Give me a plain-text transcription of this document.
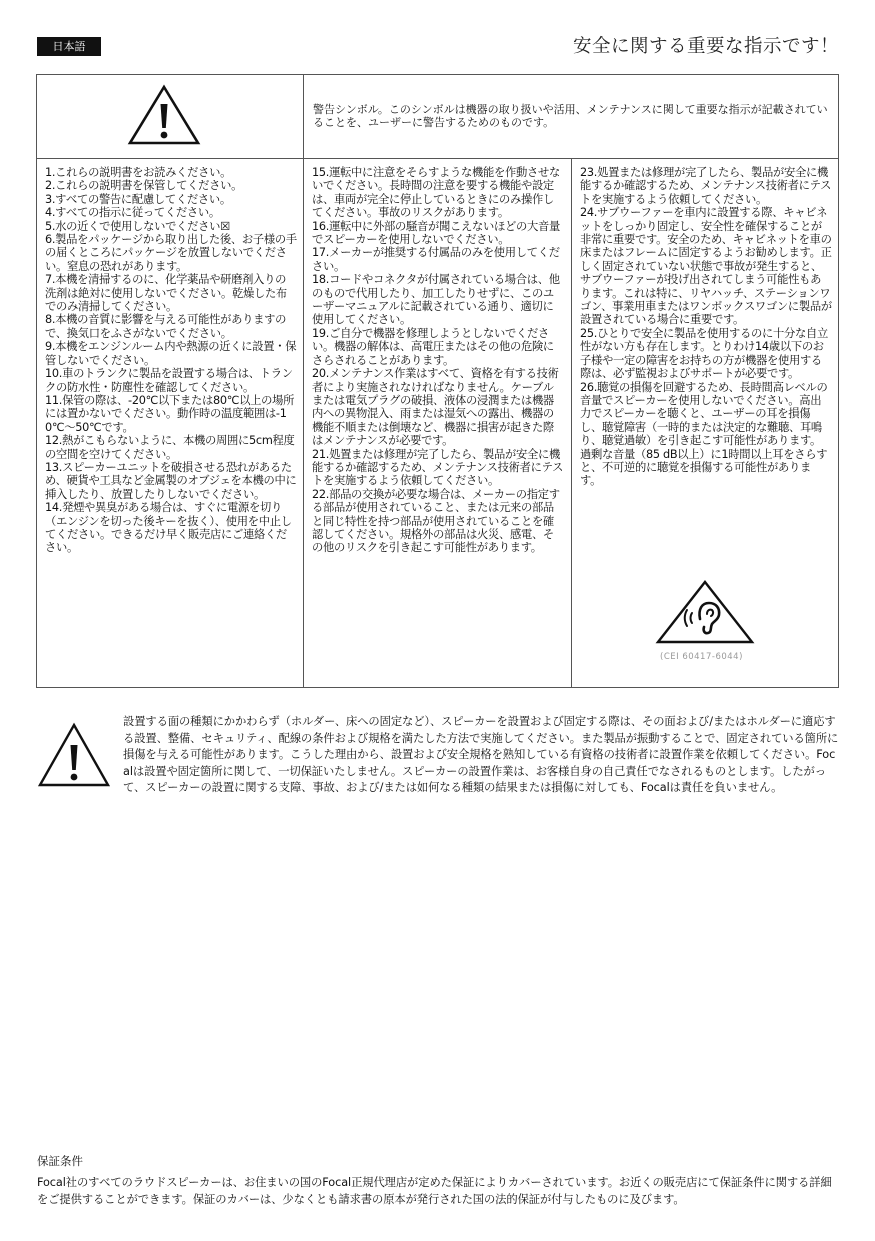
日本語	安全に関する重要な指示です！
警告シンボル。このシンボルは機器の取り扱いや活用、メンテナンスに関して重要な指示が記載されていることを、ユーザーに警告するためのものです。

1.これらの説明書をお読みください。

2.これらの説明書を保管してください。

3.すべての警告に配慮してください。

4.すべての指示に従ってください。

5.水の近くで使用しないでください☒

6.製品をパッケージから取り出した後、お子様の手の届くところにパッケージを放置しないでください。窒息の恐れがあります。

7.本機を清掃するのに、化学薬品や研磨剤入りの洗剤は絶対に使用しないでください。乾燥した布でのみ清掃してください。

8.本機の音質に影響を与える可能性がありますので、換気口をふさがないでください。

9.本機をエンジンルーム内や熱源の近くに設置・保管しないでください。

10.車のトランクに製品を設置する場合は、トランクの防水性・防塵性を確認してください。

11.保管の際は、-20℃以下または80℃以上の場所には置かないでください。動作時の温度範囲は-10℃～50℃です。

12.熱がこもらないように、本機の周囲に5cm程度の空間を空けてください。

13.スピーカーユニットを破損させる恐れがあるため、硬貨や工具など金属製のオブジェを本機の中に挿入したり、放置したりしないでください。

14.発煙や異臭がある場合は、すぐに電源を切り（エンジンを切った後キーを抜く）、使用を中止してください。できるだけ早く販売店にご連絡ください。

15.運転中に注意をそらすような機能を作動させないでください。長時間の注意を要する機能や設定は、車両が完全に停止しているときにのみ操作してください。事故のリスクがあります。

16.運転中に外部の騒音が聞こえないほどの大音量でスピーカーを使用しないでください。

17.メーカーが推奨する付属品のみを使用してください。

18.コードやコネクタが付属されている場合は、他のもので代用したり、加工したりせずに、このユーザーマニュアルに記載されている通り、適切に使用してください。

19.ご自分で機器を修理しようとしないでください。機器の解体は、高電圧またはその他の危険にさらされることがあります。

20.メンテナンス作業はすべて、資格を有する技術者により実施されなければなりません。ケーブルまたは電気プラグの破損、液体の浸潤または機器内への異物混入、雨または湿気への露出、機器の機能不順または倒壊など、機器に損害が起きた際はメンテナンスが必要です。

21.処置または修理が完了したら、製品が安全に機能するか確認するため、メンテナンス技術者にテストを実施するよう依頼してください。

22.部品の交換が必要な場合は、メーカーの指定する部品が使用されていること、または元来の部品と同じ特性を持つ部品が使用されていることを確認してください。規格外の部品は火災、感電、その他のリスクを引き起こす可能性があります。

23.処置または修理が完了したら、製品が安全に機能するか確認するため、メンテナンス技術者にテストを実施するよう依頼してください。

24.サブウーファーを車内に設置する際、キャビネットをしっかり固定し、安全性を確保することが非常に重要です。安全のため、キャビネットを車の床またはフレームに固定するようお勧めします。正しく固定されていない状態で事故が発生すると、サブウーファーが投げ出されてしまう可能性もあります。これは特に、リヤハッチ、ステーションワゴン、事業用車またはワンボックスワゴンに製品が設置されている場合に重要です。

25.ひとりで安全に製品を使用するのに十分な自立性がない方も存在します。とりわけ14歳以下のお子様や一定の障害をお持ちの方が機器を使用する際は、必ず監視およびサポートが必要です。

26.聴覚の損傷を回避するため、長時間高レベルの音量でスピーカーを使用しないでください。高出力でスピーカーを聴くと、ユーザーの耳を損傷し、聴覚障害（一時的または決定的な難聴、耳鳴り、聴覚過敏）を引き起こす可能性があります。

過剰な音量（85 dB以上）に1時間以上耳をさらすと、不可逆的に聴覚を損傷する可能性があります。

(CEI 60417-6044)
設置する面の種類にかかわらず（ホルダー、床への固定など）、スピーカーを設置および固定する際は、その面および/またはホルダーに適応する設置、整備、セキュリティ、配線の条件および規格を満たした方法で実施してください。また製品が振動することで、固定されている箇所に損傷を与える可能性があります。こうした理由から、設置および安全規格を熟知している有資格の技術者に設置作業を依頼してください。Focalは設置や固定箇所に関して、一切保証いたしません。スピーカーの設置作業は、お客様自身の自己責任でなされるものとします。したがって、スピーカーの設置に関する支障、事故、および/または如何なる種類の結果または損傷に対しても、Focalは責任を負いません。
保証条件
Focal社のすべてのラウドスピーカーは、お住まいの国のFocal正規代理店が定めた保証によりカバーされています。お近くの販売店にて保証条件に関する詳細をご提供することができます。保証のカバーは、少なくとも請求書の原本が発行された国の法的保証が付与したものに及びます。
